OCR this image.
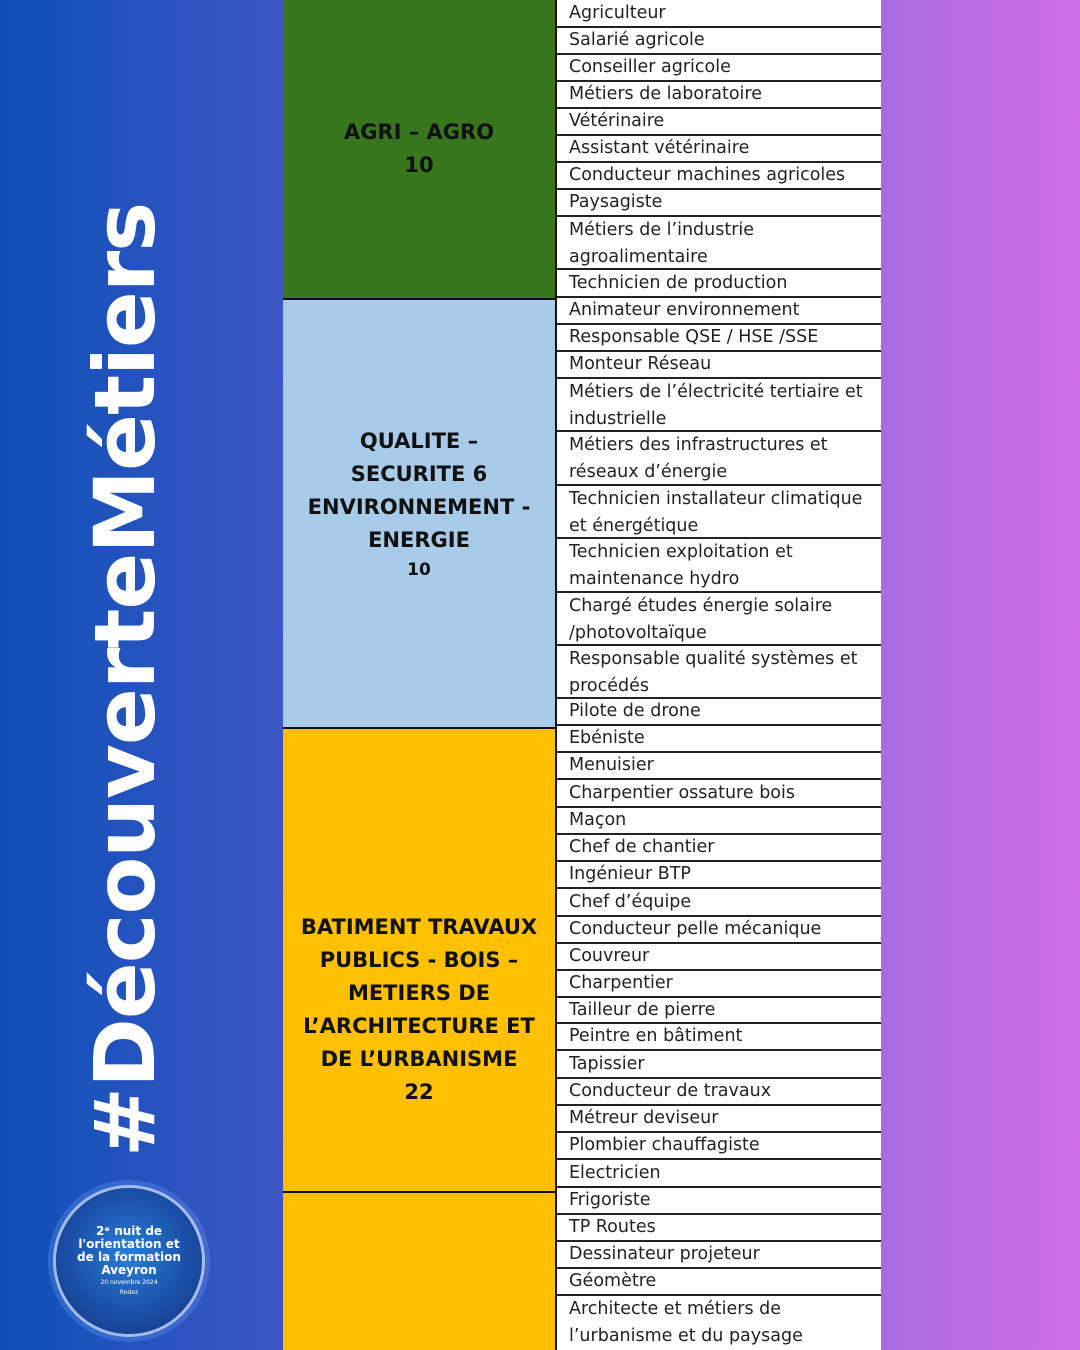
#DécouverteMétiers
2ᵉ nuit de
l'orientation et
de la formation
Aveyron
20 novembre 2024
Rodez
AGRI – AGRO
10
QUALITE –
SECURITE 6
ENVIRONNEMENT -
ENERGIE
10
BATIMENT TRAVAUX
PUBLICS - BOIS –
METIERS DE
L’ARCHITECTURE ET
DE L’URBANISME
22
Agriculteur
Salarié agricole
Conseiller agricole
Métiers de laboratoire
Vétérinaire
Assistant vétérinaire
Conducteur machines agricoles
Paysagiste
Métiers de l’industrie agroalimentaire
Technicien de production
Animateur environnement
Responsable QSE / HSE /SSE
Monteur Réseau
Métiers de l’électricité tertiaire et industrielle
Métiers des infrastructures et réseaux d’énergie
Technicien installateur climatique et énergétique
Technicien exploitation et maintenance hydro
Chargé études énergie solaire /photovoltaïque
Responsable qualité systèmes et procédés
Pilote de drone
Ebéniste
Menuisier
Charpentier ossature bois
Maçon
Chef de chantier
Ingénieur BTP
Chef d’équipe
Conducteur pelle mécanique
Couvreur
Charpentier
Tailleur de pierre
Peintre en bâtiment
Tapissier
Conducteur de travaux
Métreur deviseur
Plombier chauffagiste
Electricien
Frigoriste
TP Routes
Dessinateur projeteur
Géomètre
Architecte et métiers de l’urbanisme et du paysage
